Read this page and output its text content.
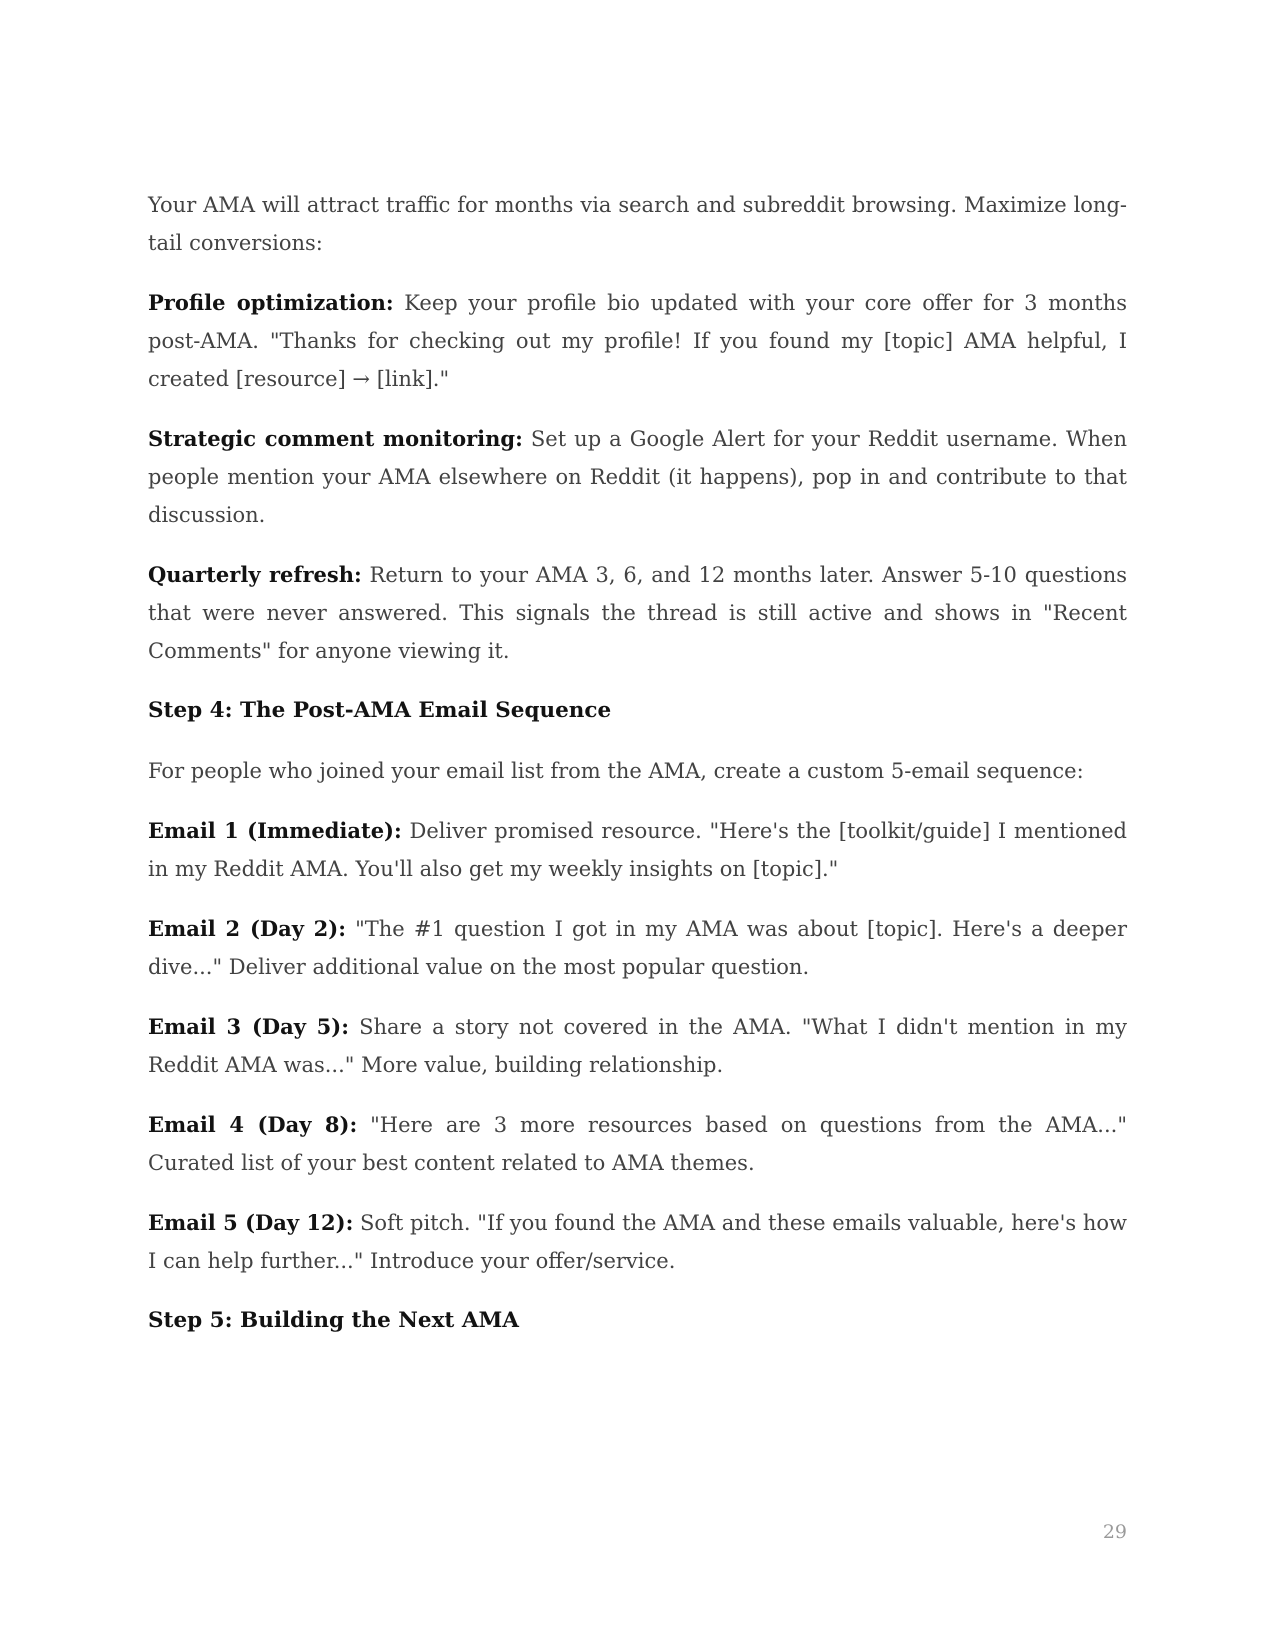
Your AMA will attract traffic for months via search and subreddit browsing. Maximize long-tail conversions:

Profile optimization: Keep your profile bio updated with your core offer for 3 months post-AMA. "Thanks for checking out my profile! If you found my [topic] AMA helpful, I created [resource] → [link]."

Strategic comment monitoring: Set up a Google Alert for your Reddit username. When people mention your AMA elsewhere on Reddit (it happens), pop in and contribute to that discussion.

Quarterly refresh: Return to your AMA 3, 6, and 12 months later. Answer 5-10 questions that were never answered. This signals the thread is still active and shows in "Recent Comments" for anyone viewing it.

Step 4: The Post-AMA Email Sequence

For people who joined your email list from the AMA, create a custom 5-email sequence:

Email 1 (Immediate): Deliver promised resource. "Here's the [toolkit/guide] I mentioned in my Reddit AMA. You'll also get my weekly insights on [topic]."

Email 2 (Day 2): "The #1 question I got in my AMA was about [topic]. Here's a deeper dive..." Deliver additional value on the most popular question.

Email 3 (Day 5): Share a story not covered in the AMA. "What I didn't mention in my Reddit AMA was..." More value, building relationship.

Email 4 (Day 8): "Here are 3 more resources based on questions from the AMA..." Curated list of your best content related to AMA themes.

Email 5 (Day 12): Soft pitch. "If you found the AMA and these emails valuable, here's how I can help further..." Introduce your offer/service.

Step 5: Building the Next AMA

29
